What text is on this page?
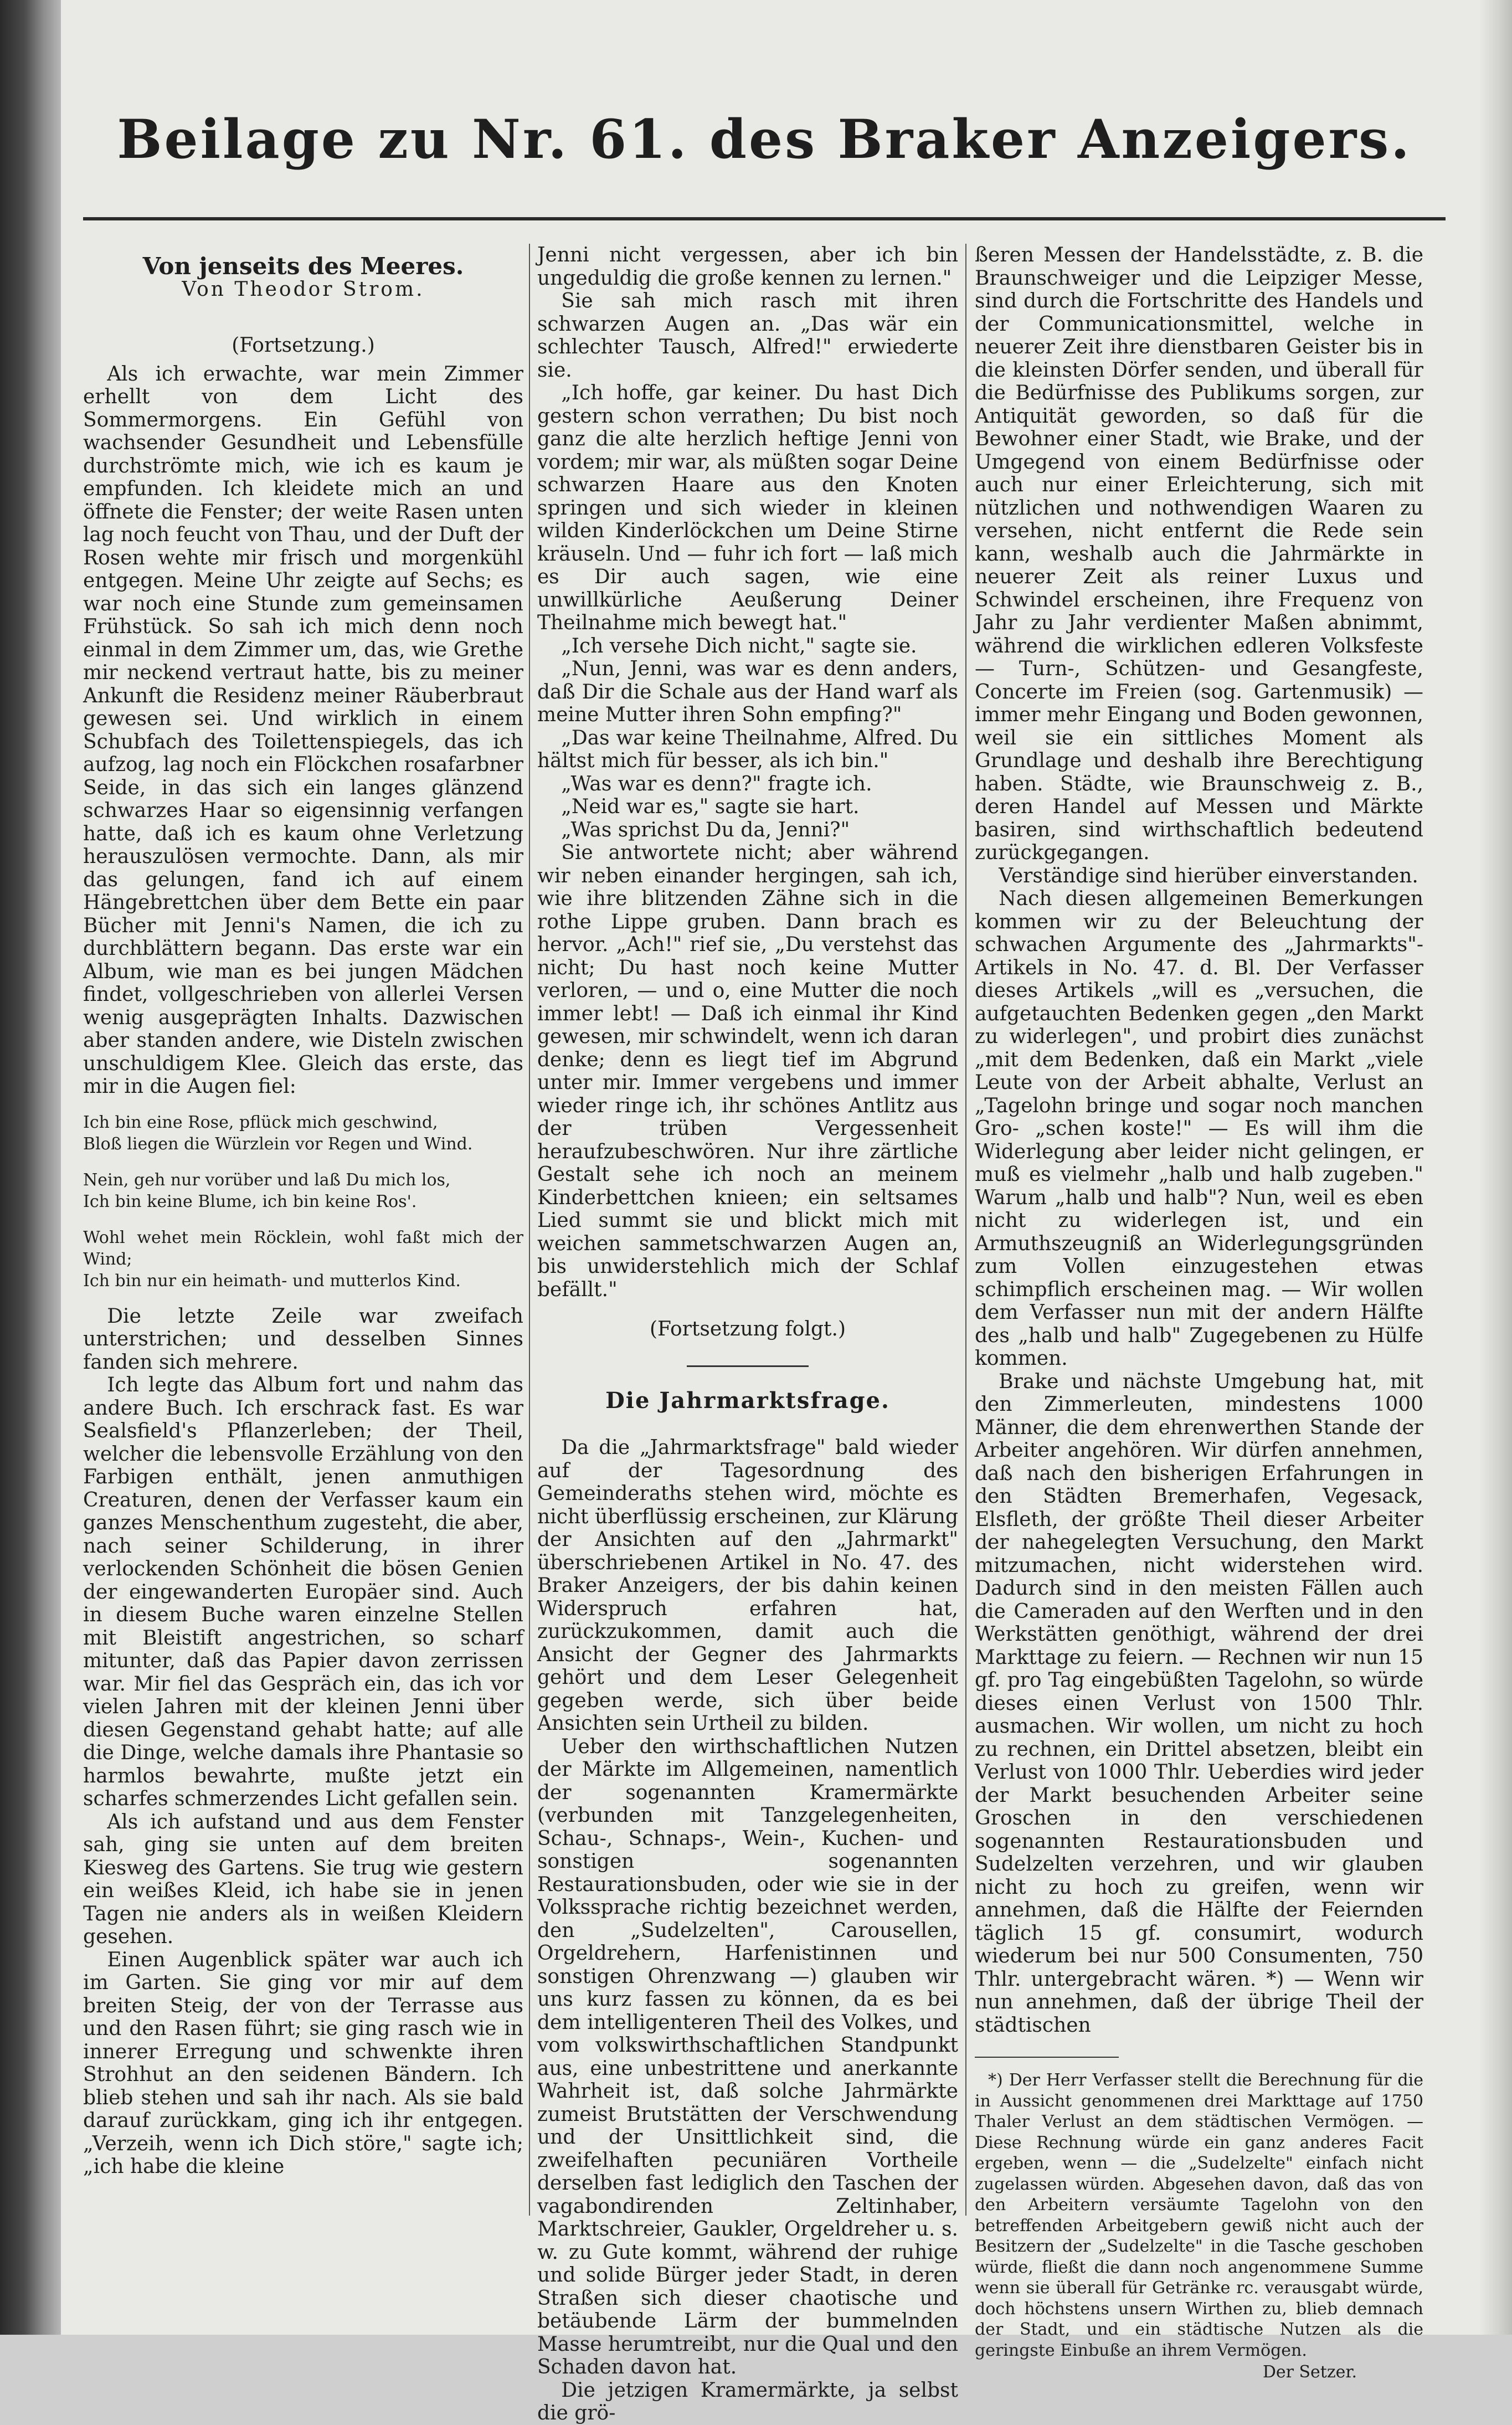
Beilage zu Nr. 61. des Braker Anzeigers.

Von jenseits des Meeres.

Von Theodor Strom.

(Fortsetzung.)

Als ich erwachte, war mein Zimmer erhellt von dem Licht des Sommermorgens. Ein Gefühl von wachsender Gesundheit und Lebensfülle durchströmte mich, wie ich es kaum je empfunden. Ich kleidete mich an und öffnete die Fenster; der weite Rasen unten lag noch feucht von Thau, und der Duft der Rosen wehte mir frisch und morgenkühl entgegen. Meine Uhr zeigte auf Sechs; es war noch eine Stunde zum gemeinsamen Frühstück. So sah ich mich denn noch einmal in dem Zimmer um, das, wie Grethe mir neckend vertraut hatte, bis zu meiner Ankunft die Residenz meiner Räuberbraut gewesen sei. Und wirklich in einem Schubfach des Toilettenspiegels, das ich aufzog, lag noch ein Flöckchen rosafarbner Seide, in das sich ein langes glänzend schwarzes Haar so eigensinnig verfangen hatte, daß ich es kaum ohne Verletzung herauszulösen vermochte. Dann, als mir das gelungen, fand ich auf einem Hängebrettchen über dem Bette ein paar Bücher mit Jenni's Namen, die ich zu durchblättern begann. Das erste war ein Album, wie man es bei jungen Mädchen findet, vollgeschrieben von allerlei Versen wenig ausgeprägten Inhalts. Dazwischen aber standen andere, wie Disteln zwischen unschuldigem Klee. Gleich das erste, das mir in die Augen fiel:

Ich bin eine Rose, pflück mich geschwind,
Bloß liegen die Würzlein vor Regen und Wind.
Nein, geh nur vorüber und laß Du mich los,
Ich bin keine Blume, ich bin keine Ros'.
Wohl wehet mein Röcklein, wohl faßt mich der Wind;
Ich bin nur ein heimath- und mutterlos Kind.

Die letzte Zeile war zweifach unterstrichen; und desselben Sinnes fanden sich mehrere.

Ich legte das Album fort und nahm das andere Buch. Ich erschrack fast. Es war Sealsfield's Pflanzerleben; der Theil, welcher die lebensvolle Erzählung von den Farbigen enthält, jenen anmuthigen Creaturen, denen der Verfasser kaum ein ganzes Menschenthum zugesteht, die aber, nach seiner Schilderung, in ihrer verlockenden Schönheit die bösen Genien der eingewanderten Europäer sind. Auch in diesem Buche waren einzelne Stellen mit Bleistift angestrichen, so scharf mitunter, daß das Papier davon zerrissen war. Mir fiel das Gespräch ein, das ich vor vielen Jahren mit der kleinen Jenni über diesen Gegenstand gehabt hatte; auf alle die Dinge, welche damals ihre Phantasie so harmlos bewahrte, mußte jetzt ein scharfes schmerzendes Licht gefallen sein.

Als ich aufstand und aus dem Fenster sah, ging sie unten auf dem breiten Kiesweg des Gartens. Sie trug wie gestern ein weißes Kleid, ich habe sie in jenen Tagen nie anders als in weißen Kleidern gesehen.

Einen Augenblick später war auch ich im Garten. Sie ging vor mir auf dem breiten Steig, der von der Terrasse aus und den Rasen führt; sie ging rasch wie in innerer Erregung und schwenkte ihren Strohhut an den seidenen Bändern. Ich blieb stehen und sah ihr nach. Als sie bald darauf zurückkam, ging ich ihr entgegen. „Verzeih, wenn ich Dich störe," sagte ich; „ich habe die kleine

Jenni nicht vergessen, aber ich bin ungeduldig die große kennen zu lernen."

Sie sah mich rasch mit ihren schwarzen Augen an. „Das wär ein schlechter Tausch, Alfred!" erwiederte sie.

„Ich hoffe, gar keiner. Du hast Dich gestern schon verrathen; Du bist noch ganz die alte herzlich heftige Jenni von vordem; mir war, als müßten sogar Deine schwarzen Haare aus den Knoten springen und sich wieder in kleinen wilden Kinderlöckchen um Deine Stirne kräuseln. Und — fuhr ich fort — laß mich es Dir auch sagen, wie eine unwillkürliche Aeußerung Deiner Theilnahme mich bewegt hat."

„Ich versehe Dich nicht," sagte sie.

„Nun, Jenni, was war es denn anders, daß Dir die Schale aus der Hand warf als meine Mutter ihren Sohn empfing?"

„Das war keine Theilnahme, Alfred. Du hältst mich für besser, als ich bin."

„Was war es denn?" fragte ich.

„Neid war es," sagte sie hart.

„Was sprichst Du da, Jenni?"

Sie antwortete nicht; aber während wir neben einander hergingen, sah ich, wie ihre blitzenden Zähne sich in die rothe Lippe gruben. Dann brach es hervor. „Ach!" rief sie, „Du verstehst das nicht; Du hast noch keine Mutter verloren, — und o, eine Mutter die noch immer lebt! — Daß ich einmal ihr Kind gewesen, mir schwindelt, wenn ich daran denke; denn es liegt tief im Abgrund unter mir. Immer vergebens und immer wieder ringe ich, ihr schönes Antlitz aus der trüben Vergessenheit heraufzubeschwören. Nur ihre zärtliche Gestalt sehe ich noch an meinem Kinderbettchen knieen; ein seltsames Lied summt sie und blickt mich mit weichen sammetschwarzen Augen an, bis unwiderstehlich mich der Schlaf befällt."

(Fortsetzung folgt.)

Die Jahrmarktsfrage.

Da die „Jahrmarktsfrage" bald wieder auf der Tagesordnung des Gemeinderaths stehen wird, möchte es nicht überflüssig erscheinen, zur Klärung der Ansichten auf den „Jahrmarkt" überschriebenen Artikel in No. 47. des Braker Anzeigers, der bis dahin keinen Widerspruch erfahren hat, zurückzukommen, damit auch die Ansicht der Gegner des Jahrmarkts gehört und dem Leser Gelegenheit gegeben werde, sich über beide Ansichten sein Urtheil zu bilden.

Ueber den wirthschaftlichen Nutzen der Märkte im Allgemeinen, namentlich der sogenannten Kramermärkte (verbunden mit Tanzgelegenheiten, Schau-, Schnaps-, Wein-, Kuchen- und sonstigen sogenannten Restaurationsbuden, oder wie sie in der Volkssprache richtig bezeichnet werden, den „Sudelzelten", Carousellen, Orgeldrehern, Harfenistinnen und sonstigen Ohrenzwang —) glauben wir uns kurz fassen zu können, da es bei dem intelligenteren Theil des Volkes, und vom volkswirthschaftlichen Standpunkt aus, eine unbestrittene und anerkannte Wahrheit ist, daß solche Jahrmärkte zumeist Brutstätten der Verschwendung und der Unsittlichkeit sind, die zweifelhaften pecuniären Vortheile derselben fast lediglich den Taschen der vagabondirenden Zeltinhaber, Marktschreier, Gaukler, Orgeldreher u. s. w. zu Gute kommt, während der ruhige und solide Bürger jeder Stadt, in deren Straßen sich dieser chaotische und betäubende Lärm der bummelnden Masse herumtreibt, nur die Qual und den Schaden davon hat.

Die jetzigen Kramermärkte, ja selbst die grö-

ßeren Messen der Handelsstädte, z. B. die Braunschweiger und die Leipziger Messe, sind durch die Fortschritte des Handels und der Communicationsmittel, welche in neuerer Zeit ihre dienstbaren Geister bis in die kleinsten Dörfer senden, und überall für die Bedürfnisse des Publikums sorgen, zur Antiquität geworden, so daß für die Bewohner einer Stadt, wie Brake, und der Umgegend von einem Bedürfnisse oder auch nur einer Erleichterung, sich mit nützlichen und nothwendigen Waaren zu versehen, nicht entfernt die Rede sein kann, weshalb auch die Jahrmärkte in neuerer Zeit als reiner Luxus und Schwindel erscheinen, ihre Frequenz von Jahr zu Jahr verdienter Maßen abnimmt, während die wirklichen edleren Volksfeste — Turn-, Schützen- und Gesangfeste, Concerte im Freien (sog. Gartenmusik) — immer mehr Eingang und Boden gewonnen, weil sie ein sittliches Moment als Grundlage und deshalb ihre Berechtigung haben. Städte, wie Braunschweig z. B., deren Handel auf Messen und Märkte basiren, sind wirthschaftlich bedeutend zurückgegangen.

Verständige sind hierüber einverstanden.

Nach diesen allgemeinen Bemerkungen kommen wir zu der Beleuchtung der schwachen Argumente des „Jahrmarkts"-Artikels in No. 47. d. Bl. Der Verfasser dieses Artikels „will es „versuchen, die aufgetauchten Bedenken gegen „den Markt zu widerlegen", und probirt dies zunächst „mit dem Bedenken, daß ein Markt „viele Leute von der Arbeit abhalte, Verlust an „Tagelohn bringe und sogar noch manchen Gro- „schen koste!" — Es will ihm die Widerlegung aber leider nicht gelingen, er muß es vielmehr „halb und halb zugeben." Warum „halb und halb"? Nun, weil es eben nicht zu widerlegen ist, und ein Armuthszeugniß an Widerlegungsgründen zum Vollen einzugestehen etwas schimpflich erscheinen mag. — Wir wollen dem Verfasser nun mit der andern Hälfte des „halb und halb" Zugegebenen zu Hülfe kommen.

Brake und nächste Umgebung hat, mit den Zimmerleuten, mindestens 1000 Männer, die dem ehrenwerthen Stande der Arbeiter angehören. Wir dürfen annehmen, daß nach den bisherigen Erfahrungen in den Städten Bremerhafen, Vegesack, Elsfleth, der größte Theil dieser Arbeiter der nahegelegten Versuchung, den Markt mitzumachen, nicht widerstehen wird. Dadurch sind in den meisten Fällen auch die Cameraden auf den Werften und in den Werkstätten genöthigt, während der drei Markttage zu feiern. — Rechnen wir nun 15 gf. pro Tag eingebüßten Tagelohn, so würde dieses einen Verlust von 1500 Thlr. ausmachen. Wir wollen, um nicht zu hoch zu rechnen, ein Drittel absetzen, bleibt ein Verlust von 1000 Thlr. Ueberdies wird jeder der Markt besuchenden Arbeiter seine Groschen in den verschiedenen sogenannten Restaurationsbuden und Sudelzelten verzehren, und wir glauben nicht zu hoch zu greifen, wenn wir annehmen, daß die Hälfte der Feiernden täglich 15 gf. consumirt, wodurch wiederum bei nur 500 Consumenten, 750 Thlr. untergebracht wären. *) — Wenn wir nun annehmen, daß der übrige Theil der städtischen

*) Der Herr Verfasser stellt die Berechnung für die in Aussicht genommenen drei Markttage auf 1750 Thaler Verlust an dem städtischen Vermögen. — Diese Rechnung würde ein ganz anderes Facit ergeben, wenn — die „Sudelzelte" einfach nicht zugelassen würden. Abgesehen davon, daß das von den Arbeitern versäumte Tagelohn von den betreffenden Arbeitgebern gewiß nicht auch der Besitzern der „Sudelzelte" in die Tasche geschoben würde, fließt die dann noch angenommene Summe wenn sie überall für Getränke rc. verausgabt würde, doch höchstens unsern Wirthen zu, blieb demnach der Stadt, und ein städtische Nutzen als die geringste Einbuße an ihrem Vermögen.

Der Setzer.
